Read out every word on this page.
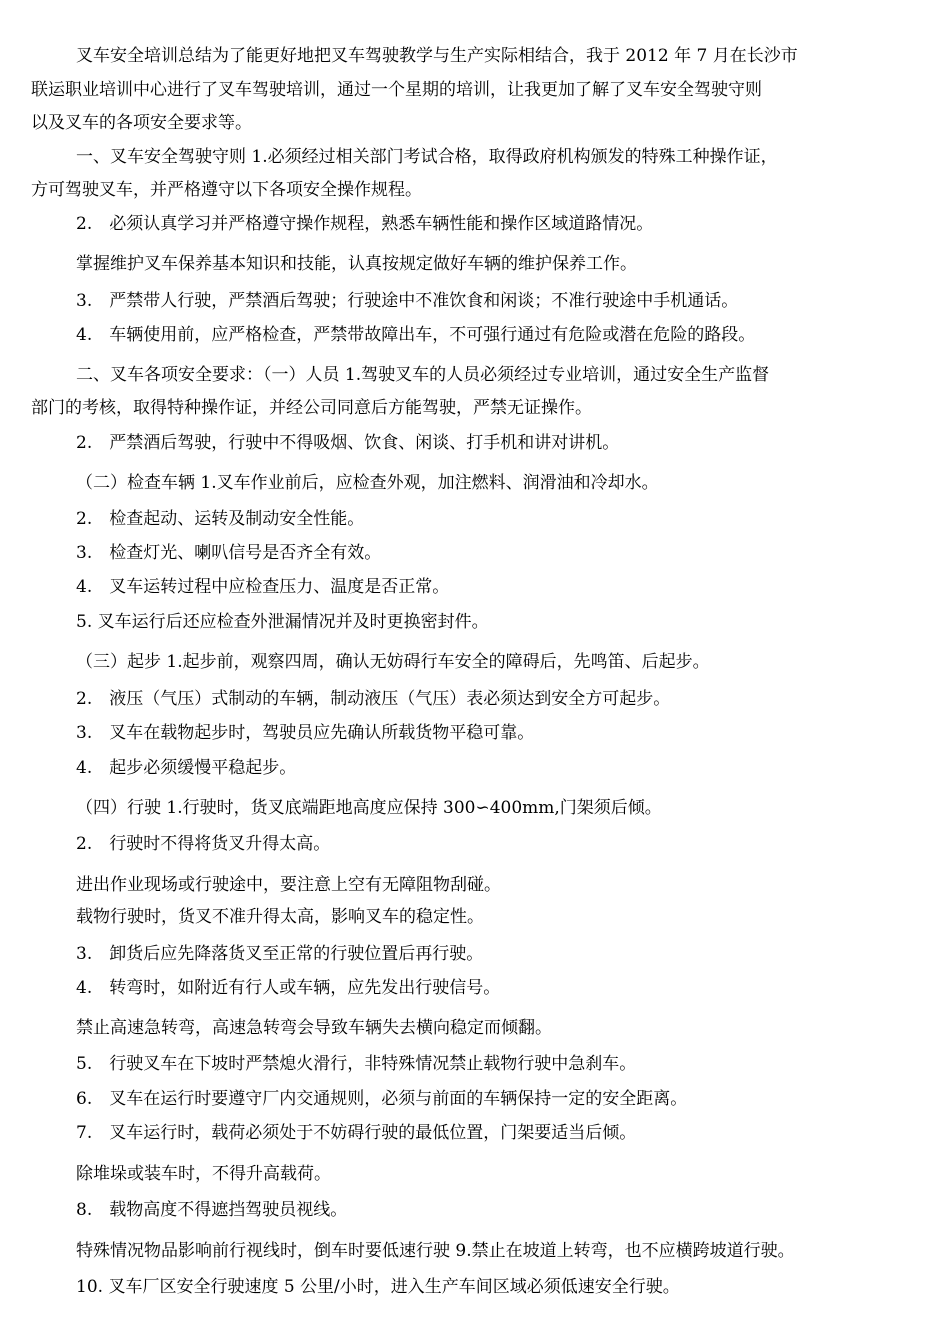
叉车安全培训总结为了能更好地把叉车驾驶教学与生产实际相结合，我于 2012 年 7 月在长沙市
联运职业培训中心进行了叉车驾驶培训，通过一个星期的培训，让我更加了解了叉车安全驾驶守则
以及叉车的各项安全要求等。
一、叉车安全驾驶守则 1.必须经过相关部门考试合格，取得政府机构颁发的特殊工种操作证，
方可驾驶叉车，并严格遵守以下各项安全操作规程。
2.　必须认真学习并严格遵守操作规程，熟悉车辆性能和操作区域道路情况。
掌握维护叉车保养基本知识和技能，认真按规定做好车辆的维护保养工作。
3.　严禁带人行驶，严禁酒后驾驶；行驶途中不准饮食和闲谈；不准行驶途中手机通话。
4.　车辆使用前，应严格检查，严禁带故障出车，不可强行通过有危险或潜在危险的路段。
二、叉车各项安全要求：（一）人员 1.驾驶叉车的人员必须经过专业培训，通过安全生产监督
部门的考核，取得特种操作证，并经公司同意后方能驾驶，严禁无证操作。
2.　严禁酒后驾驶，行驶中不得吸烟、饮食、闲谈、打手机和讲对讲机。
（二）检查车辆 1.叉车作业前后，应检查外观，加注燃料、润滑油和冷却水。
2.　检查起动、运转及制动安全性能。
3.　检查灯光、喇叭信号是否齐全有效。
4.　叉车运转过程中应检查压力、温度是否正常。
5. 叉车运行后还应检查外泄漏情况并及时更换密封件。
（三）起步 1.起步前，观察四周，确认无妨碍行车安全的障碍后，先鸣笛、后起步。
2.　液压（气压）式制动的车辆，制动液压（气压）表必须达到安全方可起步。
3.　叉车在载物起步时，驾驶员应先确认所载货物平稳可靠。
4.　起步必须缓慢平稳起步。
（四）行驶 1.行驶时，货叉底端距地高度应保持 300∽400mm,门架须后倾。
2.　行驶时不得将货叉升得太高。
进出作业现场或行驶途中，要注意上空有无障阻物刮碰。
载物行驶时，货叉不准升得太高，影响叉车的稳定性。
3.　卸货后应先降落货叉至正常的行驶位置后再行驶。
4.　转弯时，如附近有行人或车辆，应先发出行驶信号。
禁止高速急转弯，高速急转弯会导致车辆失去横向稳定而倾翻。
5.　行驶叉车在下坡时严禁熄火滑行，非特殊情况禁止载物行驶中急刹车。
6.　叉车在运行时要遵守厂内交通规则，必须与前面的车辆保持一定的安全距离。
7.　叉车运行时，载荷必须处于不妨碍行驶的最低位置，门架要适当后倾。
除堆垛或装车时，不得升高载荷。
8.　载物高度不得遮挡驾驶员视线。
特殊情况物品影响前行视线时，倒车时要低速行驶 9.禁止在坡道上转弯，也不应横跨坡道行驶。
10. 叉车厂区安全行驶速度 5 公里/小时，进入生产车间区域必须低速安全行驶。
